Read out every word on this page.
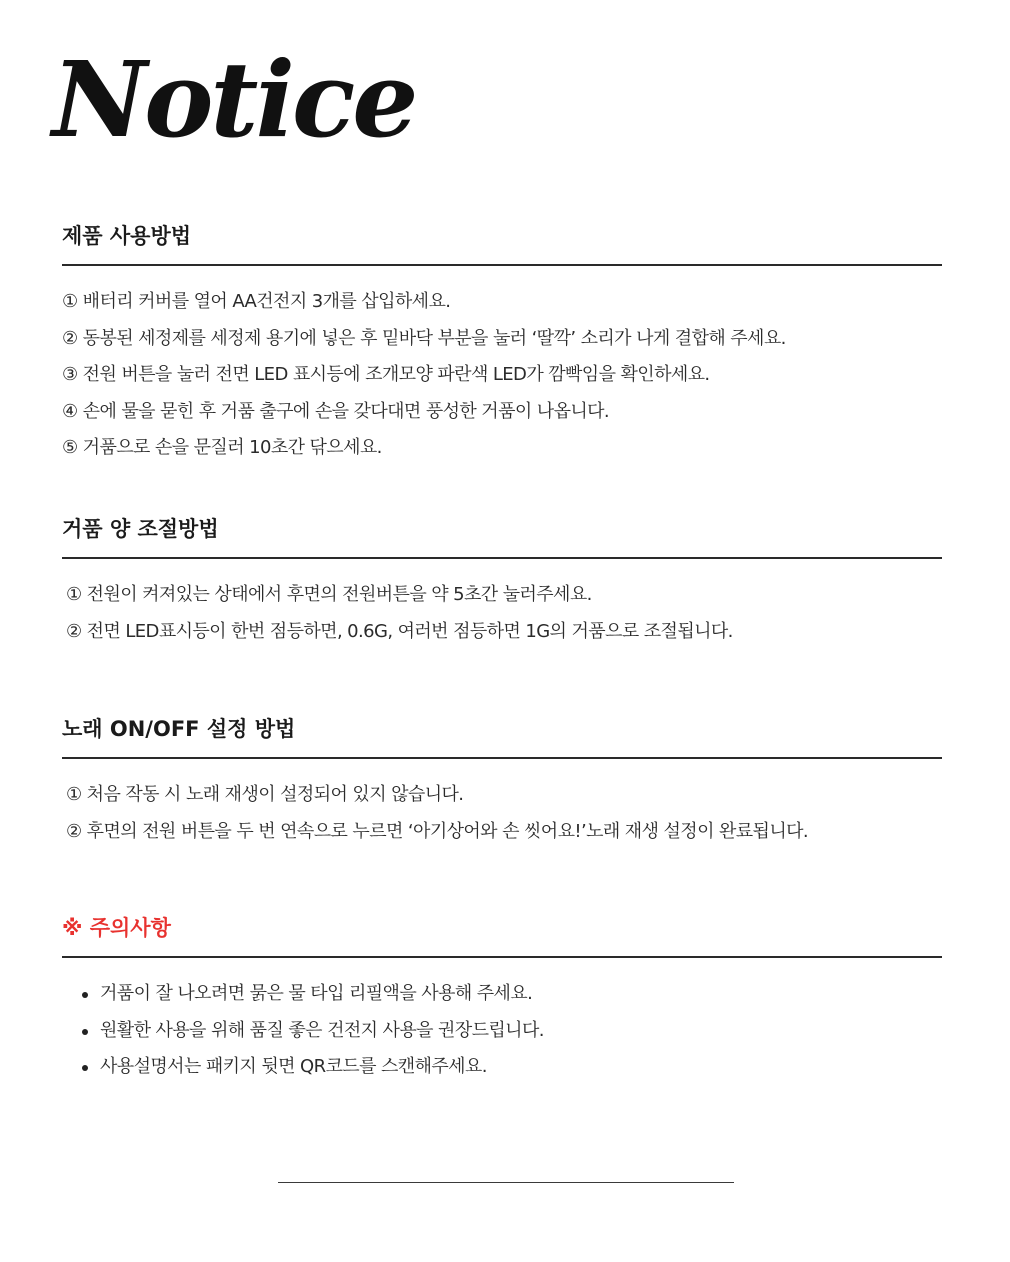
Notice
제품 사용방법
① 배터리 커버를 열어 AA건전지 3개를 삽입하세요.
② 동봉된 세정제를 세정제 용기에 넣은 후 밑바닥 부분을 눌러 ‘딸깍’ 소리가 나게 결합해 주세요.
③ 전원 버튼을 눌러 전면 LED 표시등에 조개모양 파란색 LED가 깜빡임을 확인하세요.
④ 손에 물을 묻힌 후 거품 출구에 손을 갖다대면 풍성한 거품이 나옵니다.
⑤ 거품으로 손을 문질러 10초간 닦으세요.
거품 양 조절방법
① 전원이 켜져있는 상태에서 후면의 전원버튼을 약 5초간 눌러주세요.
② 전면 LED표시등이 한번 점등하면, 0.6G, 여러번 점등하면 1G의 거품으로 조절됩니다.
노래 ON/OFF 설정 방법
① 처음 작동 시 노래 재생이 설정되어 있지 않습니다.
② 후면의 전원 버튼을 두 번 연속으로 누르면 ‘아기상어와 손 씻어요!’노래 재생 설정이 완료됩니다.
※ 주의사항
거품이 잘 나오려면 묽은 물 타입 리필액을 사용해 주세요.
원활한 사용을 위해 품질 좋은 건전지 사용을 권장드립니다.
사용설명서는 패키지 뒷면 QR코드를 스캔해주세요.
